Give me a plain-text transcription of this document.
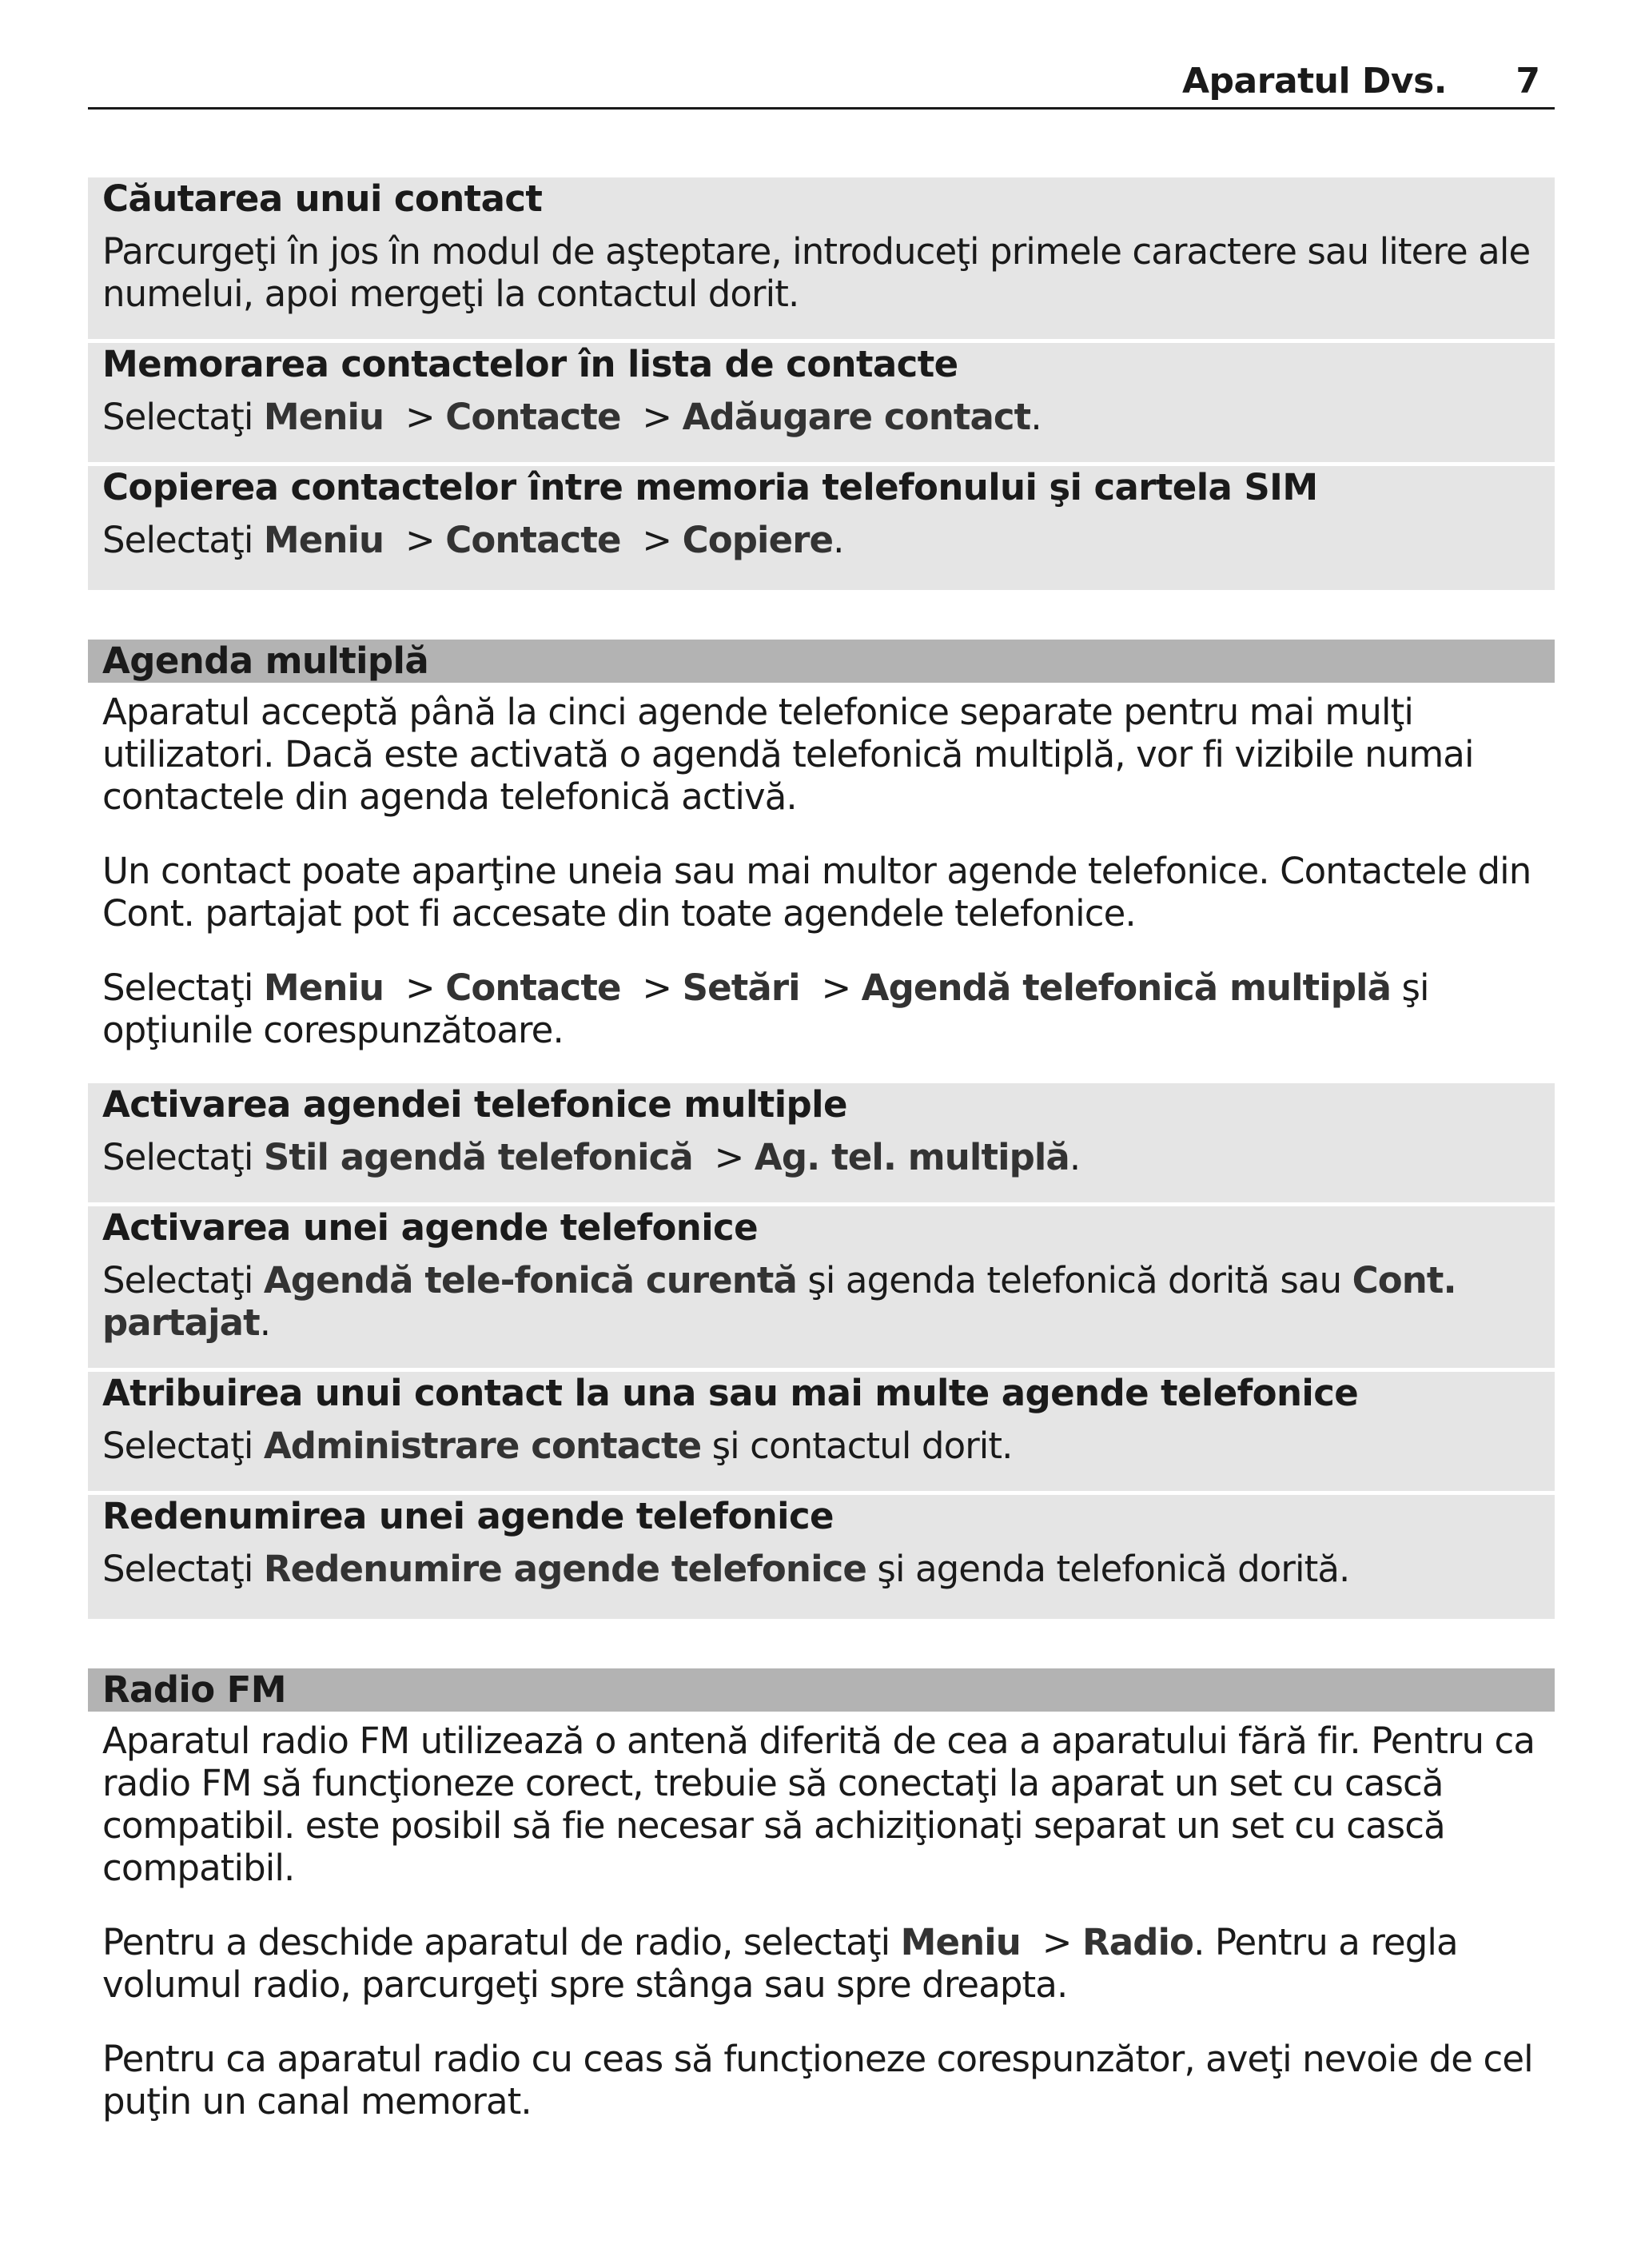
Aparatul Dvs. 7
Căutarea unui contact
Parcurgeţi în jos în modul de aşteptare, introduceţi primele caractere sau litere ale numelui, apoi mergeţi la contactul dorit.
Memorarea contactelor în lista de contacte
Selectaţi Meniu > Contacte > Adăugare contact.
Copierea contactelor între memoria telefonului şi cartela SIM
Selectaţi Meniu > Contacte > Copiere.
Agenda multiplă
Aparatul acceptă până la cinci agende telefonice separate pentru mai mulţi utilizatori. Dacă este activată o agendă telefonică multiplă, vor fi vizibile numai contactele din agenda telefonică activă.
Un contact poate aparţine uneia sau mai multor agende telefonice. Contactele din Cont. partajat pot fi accesate din toate agendele telefonice.
Selectaţi Meniu > Contacte > Setări > Agendă telefonică multiplă şi opţiunile corespunzătoare.
Activarea agendei telefonice multiple
Selectaţi Stil agendă telefonică > Ag. tel. multiplă.
Activarea unei agende telefonice
Selectaţi Agendă tele-fonică curentă şi agenda telefonică dorită sau Cont. partajat.
Atribuirea unui contact la una sau mai multe agende telefonice
Selectaţi Administrare contacte şi contactul dorit.
Redenumirea unei agende telefonice
Selectaţi Redenumire agende telefonice şi agenda telefonică dorită.
Radio FM
Aparatul radio FM utilizează o antenă diferită de cea a aparatului fără fir. Pentru ca radio FM să funcţioneze corect, trebuie să conectaţi la aparat un set cu cască compatibil. este posibil să fie necesar să achiziţionaţi separat un set cu cască compatibil.
Pentru a deschide aparatul de radio, selectaţi Meniu > Radio. Pentru a regla volumul radio, parcurgeţi spre stânga sau spre dreapta.
Pentru ca aparatul radio cu ceas să funcţioneze corespunzător, aveţi nevoie de cel puţin un canal memorat.
